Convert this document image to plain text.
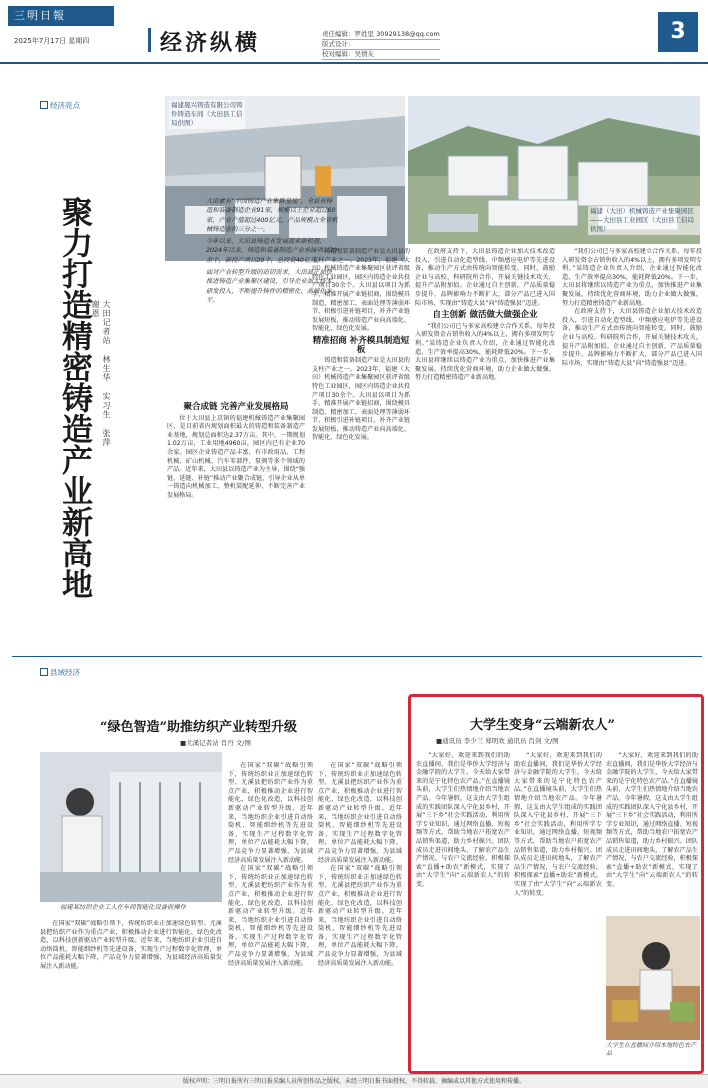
三明日報
2025年7月17日 星期四	经济纵横	责任编辑：罗姓里 30929138@qq.com
版式设计：
校对编辑：吴情友
3
经济亮点	福建晟兴铸造有限公司铸件铸造车间（大田县工信局供图）
福建（大田）机械铸造产业集聚园区——大田县工业园区（大田县工信局供图）
聚力打造精密铸造产业新高地	大田记者站 林生华 实习生 张萍 谢恩

大田素有“中国铸造产业集群基地”，全县有铸造和装备制造企业91家，规模以上企业超过60家，产业产值超过400亿元，产品规模占全省机械铸造业的三分之一。

今年以来，大田县铸造业发展迎来新机遇，2024年以来，铸造和装备制造产业承接项目30余个，新投产项目20个，总投资40亿元。

面对产业转型升级的迫切需求，大田县正加快推进铸造产业集聚区建设，引导企业加大技术研发投入，不断提升铸件的精密化、高端化水平。

聚合成链 完善产业发展格局

位于大田县上京镇的福建机械铸造产业集聚园区，是目前省内规划面积最大的铸造和装备制造产业基地，规划总面积达2.37万亩。其中，一期规划1.02万亩，工业用地4960亩，园区内已有企业70余家。园区企业铸造产品丰富，有市政用品、工程机械、矿山机械、汽车零部件、泵阀等多个领域的产品。近年来，大田县以铸造产业为主导，围绕“强链、延链、补链”推动产业聚合成链，引导企业从单一铸造向机械加工、整机装配延伸，不断完善产业发展格局。

铸造和装备制造产业是大田县的支柱产业之一。2023年，福建（大田）机械铸造产业集聚园区获评省级特色工业园区，园区内铸造企业共投产项目30余个。大田县以项目为抓手，精准开展产业链招商，围绕模具制造、精密加工、表面处理等薄弱环节，积极引进补链项目，补齐产业链发展短板，推动铸造产业向高端化、智能化、绿色化发展。

精准招商 补齐模具制造短板

铸造和装备制造产业是大田县的支柱产业之一。2023年，福建（大田）机械铸造产业集聚园区获评省级特色工业园区，园区内铸造企业共投产项目30余个。大田县以项目为抓手，精准开展产业链招商，围绕模具制造、精密加工、表面处理等薄弱环节，积极引进补链项目，补齐产业链发展短板，推动铸造产业向高端化、智能化、绿色化发展。

在政府支持下，大田县铸造企业加大技术改造投入，引进自动化造型线、中频感应电炉等先进设备，推动生产方式由传统向智能转变。同时，鼓励企业与高校、科研院所合作，开展关键技术攻关，提升产品附加值。企业通过自主创新，产品质量稳步提升，品牌影响力不断扩大，部分产品已进入国际市场，实现由“铸造大县”向“铸造强县”迈进。

自主创新 做活做大做强企业

“我们公司已与多家高校建立合作关系，每年投入研发资金占销售收入的4%以上，拥有多项发明专利。”某铸造企业负责人介绍，企业通过智能化改造，生产效率提高30%，能耗降低20%。下一步，大田县将继续以铸造产业为重点，加快推进产业集聚发展，持续优化营商环境，助力企业做大做强，努力打造精密铸造产业新高地。

“我们公司已与多家高校建立合作关系，每年投入研发资金占销售收入的4%以上，拥有多项发明专利。”某铸造企业负责人介绍，企业通过智能化改造，生产效率提高30%，能耗降低20%。下一步，大田县将继续以铸造产业为重点，加快推进产业集聚发展，持续优化营商环境，助力企业做大做强，努力打造精密铸造产业新高地。

在政府支持下，大田县铸造企业加大技术改造投入，引进自动化造型线、中频感应电炉等先进设备，推动生产方式由传统向智能转变。同时，鼓励企业与高校、科研院所合作，开展关键技术攻关，提升产品附加值。企业通过自主创新，产品质量稳步提升，品牌影响力不断扩大，部分产品已进入国际市场，实现由“铸造大县”向“铸造强县”迈进。

县域经济
“绿色智造”助推纺织产业转型升级
■尤溪记者站 肖丹 文/图
福建某纺织企业工人在车间智能化设备前操作

在国家“双碳”战略引领下，传统纺织业正加速绿色转型。尤溪县把纺织产业作为重点产业，积极推动企业进行智能化、绿色化改造，以科技创新驱动产业转型升级。近年来，当地纺织企业引进自动络筒机、智能细纱机等先进设备，实现生产过程数字化管理，单位产品能耗大幅下降，产品竞争力显著增强，为县域经济高质量发展注入新动能。

在国家“双碳”战略引领下，传统纺织业正加速绿色转型。尤溪县把纺织产业作为重点产业，积极推动企业进行智能化、绿色化改造，以科技创新驱动产业转型升级。近年来，当地纺织企业引进自动络筒机、智能细纱机等先进设备，实现生产过程数字化管理，单位产品能耗大幅下降，产品竞争力显著增强，为县域经济高质量发展注入新动能。

在国家“双碳”战略引领下，传统纺织业正加速绿色转型。尤溪县把纺织产业作为重点产业，积极推动企业进行智能化、绿色化改造，以科技创新驱动产业转型升级。近年来，当地纺织企业引进自动络筒机、智能细纱机等先进设备，实现生产过程数字化管理，单位产品能耗大幅下降，产品竞争力显著增强，为县域经济高质量发展注入新动能。

在国家“双碳”战略引领下，传统纺织业正加速绿色转型。尤溪县把纺织产业作为重点产业，积极推动企业进行智能化、绿色化改造，以科技创新驱动产业转型升级。近年来，当地纺织企业引进自动络筒机、智能细纱机等先进设备，实现生产过程数字化管理，单位产品能耗大幅下降，产品竞争力显著增强，为县域经济高质量发展注入新动能。

在国家“双碳”战略引领下，传统纺织业正加速绿色转型。尤溪县把纺织产业作为重点产业，积极推动企业进行智能化、绿色化改造，以科技创新驱动产业转型升级。近年来，当地纺织企业引进自动络筒机、智能细纱机等先进设备，实现生产过程数字化管理，单位产品能耗大幅下降，产品竞争力显著增强，为县域经济高质量发展注入新动能。

大学生变身“云端新农人”
■通讯员 李少兰 郑明欢 通讯员 肖剑 文/图

“大家好，欢迎来到我们的助农直播间，我们是华侨大学经济与金融学院的大学生，今天给大家带来的是宁化特色农产品。”在直播镜头前，大学生们热情地介绍当地农产品。今年暑假，这支由大学生组成的实践团队深入宁化县乡村，开展“三下乡”社会实践活动，利用所学专业知识，通过网络直播、短视频等方式，帮助当地农户拓宽农产品销售渠道，助力乡村振兴。团队成员走进田间地头，了解农产品生产情况，与农户交流经验，积极探索“直播+助农”新模式，实现了由“大学生”向“云端新农人”的转变。

“大家好，欢迎来到我们的助农直播间，我们是华侨大学经济与金融学院的大学生，今天给大家带来的是宁化特色农产品。”在直播镜头前，大学生们热情地介绍当地农产品。今年暑假，这支由大学生组成的实践团队深入宁化县乡村，开展“三下乡”社会实践活动，利用所学专业知识，通过网络直播、短视频等方式，帮助当地农户拓宽农产品销售渠道，助力乡村振兴。团队成员走进田间地头，了解农产品生产情况，与农户交流经验，积极探索“直播+助农”新模式，实现了由“大学生”向“云端新农人”的转变。

“大家好，欢迎来到我们的助农直播间，我们是华侨大学经济与金融学院的大学生，今天给大家带来的是宁化特色农产品。”在直播镜头前，大学生们热情地介绍当地农产品。今年暑假，这支由大学生组成的实践团队深入宁化县乡村，开展“三下乡”社会实践活动，利用所学专业知识，通过网络直播、短视频等方式，帮助当地农户拓宽农产品销售渠道，助力乡村振兴。团队成员走进田间地头，了解农产品生产情况，与农户交流经验，积极探索“直播+助农”新模式，实现了由“大学生”向“云端新农人”的转变。

大学生在直播间介绍本地特色农产品
版权声明：三明日报所有三明日报采编人员所创作品之版权，未经三明日报书面授权，不得转载、摘编或以其他方式使用和传播。
